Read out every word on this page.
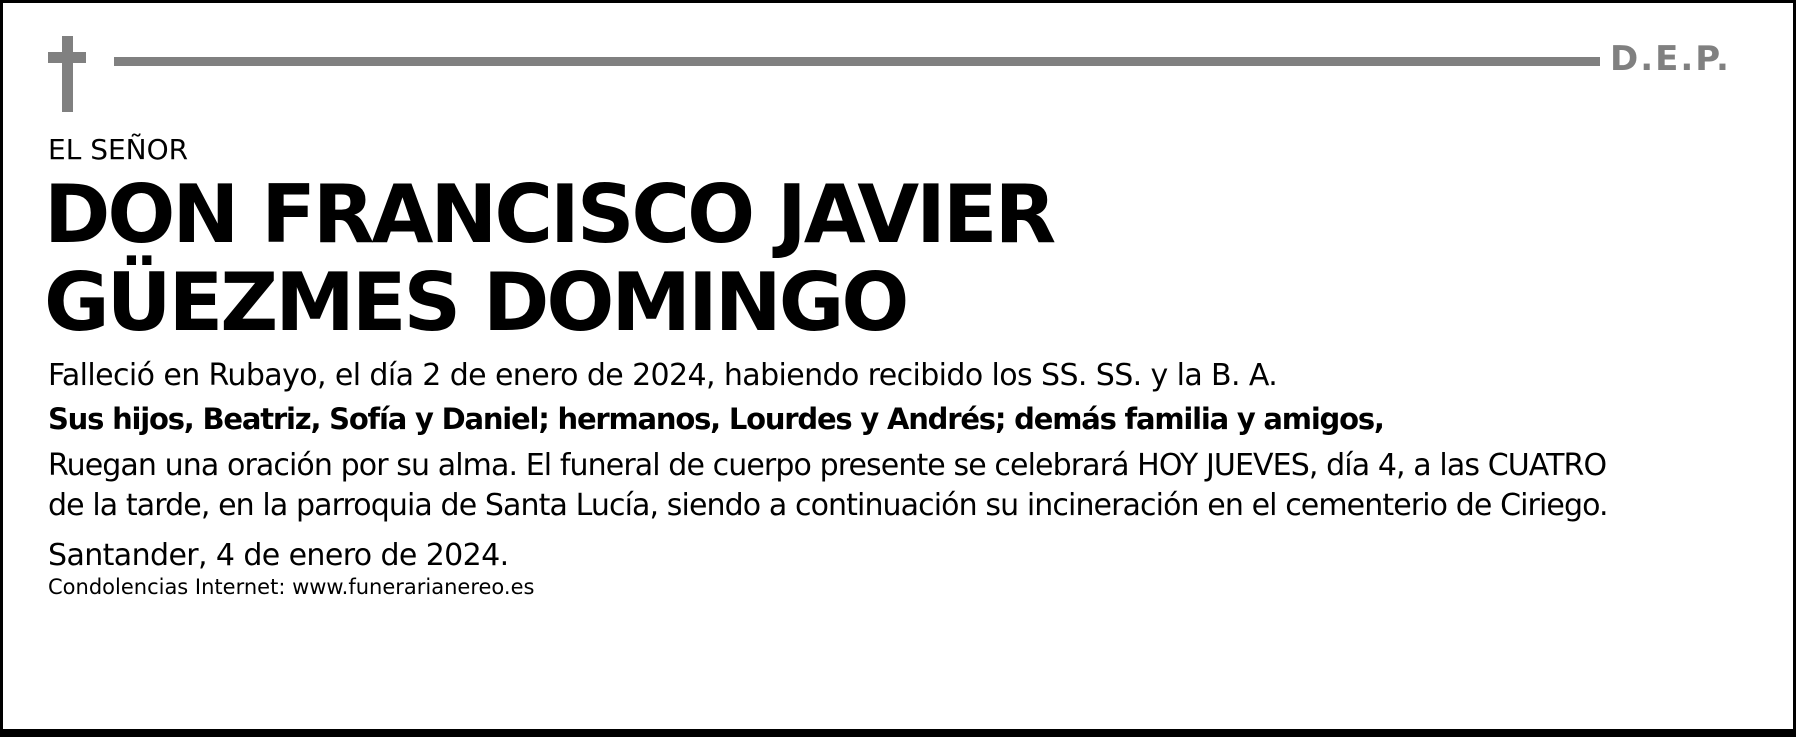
D.E.P.

EL SEÑOR

DON FRANCISCO JAVIER
GÜEZMES DOMINGO

Falleció en Rubayo, el día 2 de enero de 2024, habiendo recibido los SS. SS. y la B. A.

Sus hijos, Beatriz, Sofía y Daniel; hermanos, Lourdes y Andrés; demás familia y amigos,

Ruegan una oración por su alma. El funeral de cuerpo presente se celebrará HOY JUEVES, día 4, a las CUATRO

de la tarde, en la parroquia de Santa Lucía, siendo a continuación su incineración en el cementerio de Ciriego.

Santander, 4 de enero de 2024.

Condolencias Internet: www.funerarianereo.es
